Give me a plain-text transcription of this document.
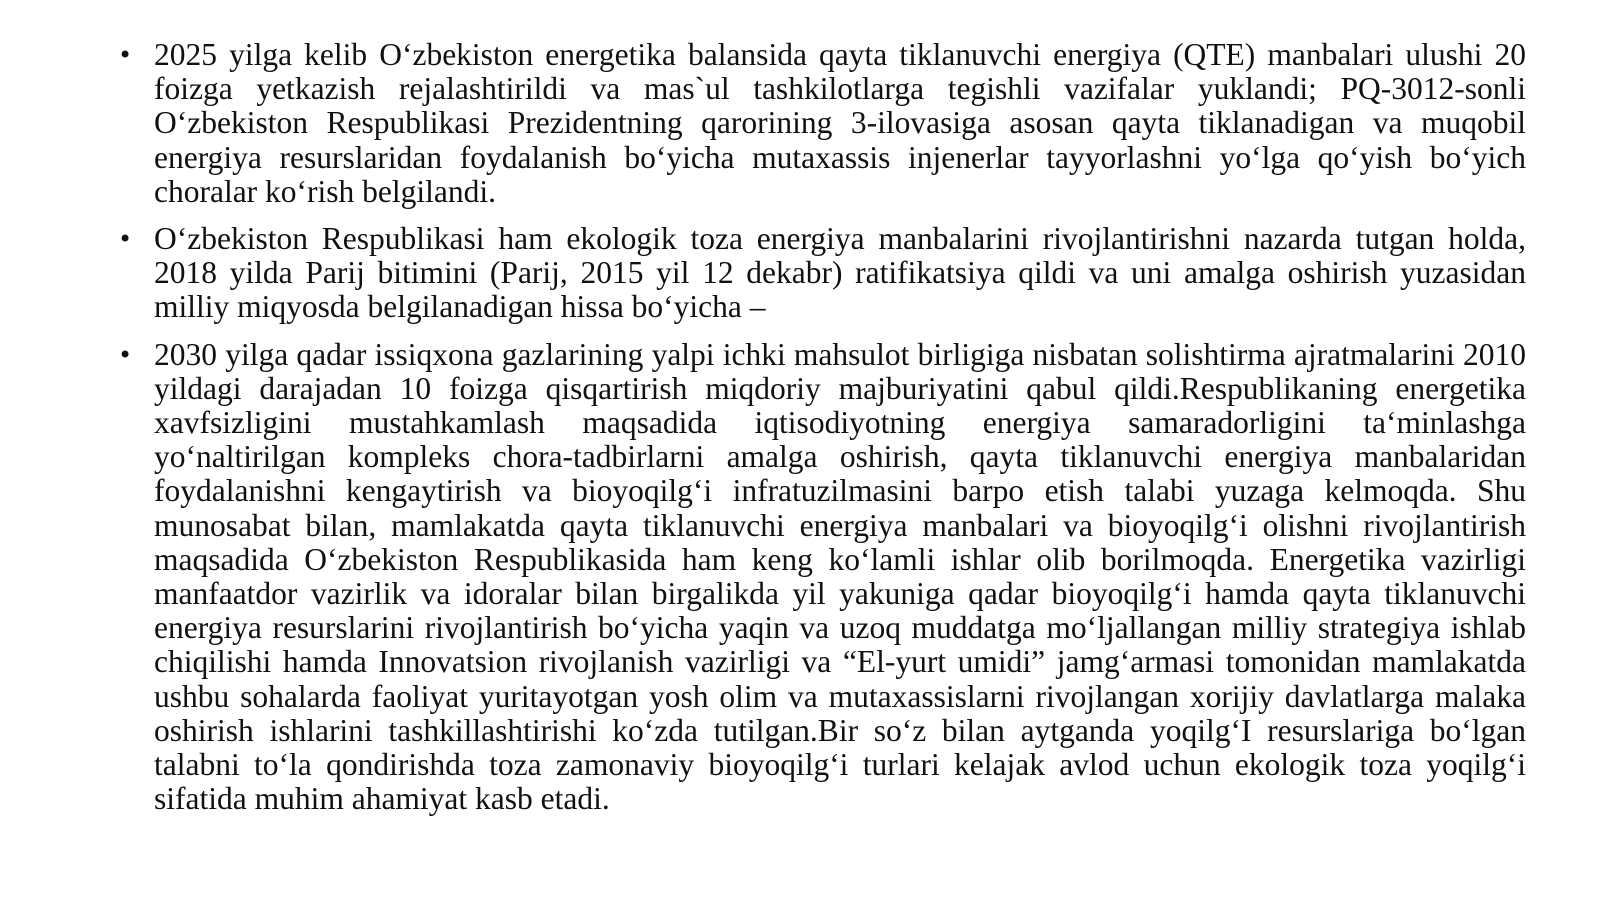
• 2025 yilga kelib O‘zbekiston energetika balansida qayta tiklanuvchi energiya (QTE) manbalari ulushi 20 foizga yetkazish rejalashtirildi va mas`ul tashkilotlarga tegishli vazifalar yuklandi; PQ-3012-sonli O‘zbekiston Respublikasi Prezidentning qarorining 3-ilovasiga asosan qayta tiklanadigan va muqobil energiya resurslaridan foydalanish bo‘yicha mutaxassis injenerlar tayyorlashni yo‘lga qo‘yish bo‘yich choralar ko‘rish belgilandi.
• O‘zbekiston Respublikasi ham ekologik toza energiya manbalarini rivojlantirishni nazarda tutgan holda, 2018 yilda Parij bitimini (Parij, 2015 yil 12 dekabr) ratifikatsiya qildi va uni amalga oshirish yuzasidan milliy miqyosda belgilanadigan hissa bo‘yicha –
• 2030 yilga qadar issiqxona gazlarining yalpi ichki mahsulot birligiga nisbatan solishtirma ajratmalarini 2010 yildagi darajadan 10 foizga qisqartirish miqdoriy majburiyatini qabul qildi.Respublikaning energetika xavfsizligini mustahkamlash maqsadida iqtisodiyotning energiya samaradorligini ta‘minlashga yo‘naltirilgan kompleks chora-tadbirlarni amalga oshirish, qayta tiklanuvchi energiya manbalaridan foydalanishni kengaytirish va bioyoqilg‘i infratuzilmasini barpo etish talabi yuzaga kelmoqda. Shu munosabat bilan, mamlakatda qayta tiklanuvchi energiya manbalari va bioyoqilg‘i olishni rivojlantirish maqsadida O‘zbekiston Respublikasida ham keng ko‘lamli ishlar olib borilmoqda. Energetika vazirligi manfaatdor vazirlik va idoralar bilan birgalikda yil yakuniga qadar bioyoqilg‘i hamda qayta tiklanuvchi energiya resurslarini rivojlantirish bo‘yicha yaqin va uzoq muddatga mo‘ljallangan milliy strategiya ishlab chiqilishi hamda Innovatsion rivojlanish vazirligi va “El-yurt umidi” jamg‘armasi tomonidan mamlakatda ushbu sohalarda faoliyat yuritayotgan yosh olim va mutaxassislarni rivojlangan xorijiy davlatlarga malaka oshirish ishlarini tashkillashtirishi ko‘zda tutilgan.Bir so‘z bilan aytganda yoqilg‘I resurslariga bo‘lgan talabni to‘la qondirishda toza zamonaviy bioyoqilg‘i turlari kelajak avlod uchun ekologik toza yoqilg‘i sifatida muhim ahamiyat kasb etadi.
